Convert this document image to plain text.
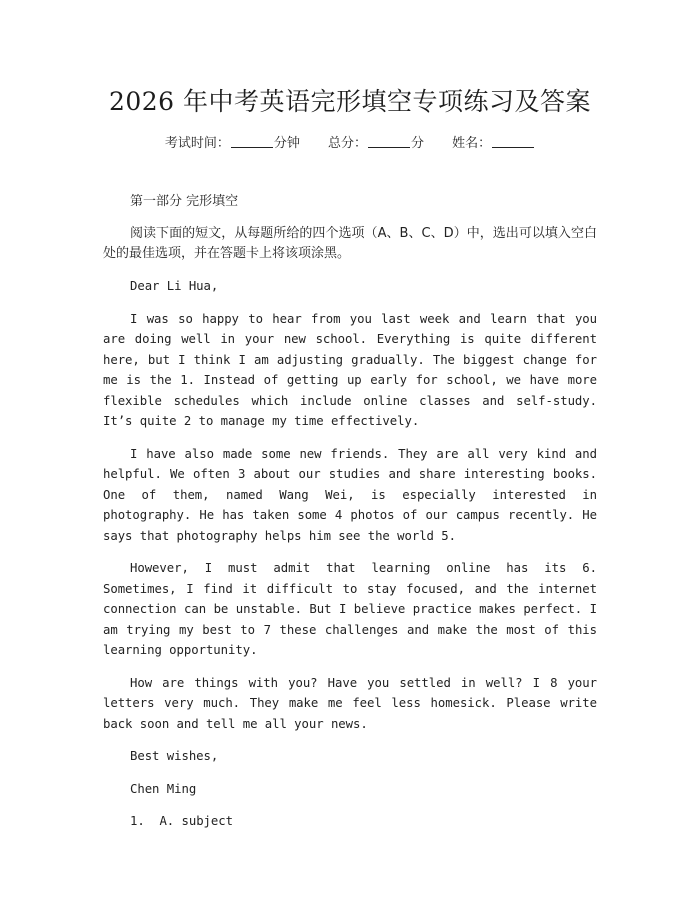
2026 年中考英语完形填空专项练习及答案
考试时间：	分钟 总分：	分 姓名：

第一部分 完形填空

阅读下面的短文，从每题所给的四个选项（A、B、C、D）中，选出可以填入空白处的最佳选项，并在答题卡上将该项涂黑。

Dear Li Hua,

I was so happy to hear from you last week and learn that you are doing well in your new school. Everything is quite different here, but I think I am adjusting gradually. The biggest change for me is the 1. Instead of getting up early for school, we have more flexible schedules which include online classes and self-study. It’s quite 2 to manage my time effectively.

I have also made some new friends. They are all very kind and helpful. We often 3 about our studies and share interesting books. One of them, named Wang Wei, is especially interested in photography. He has taken some 4 photos of our campus recently. He says that photography helps him see the world 5.

However, I must admit that learning online has its 6. Sometimes, I find it difficult to stay focused, and the internet connection can be unstable. But I believe practice makes perfect. I am trying my best to 7 these challenges and make the most of this learning opportunity.

How are things with you? Have you settled in well? I 8 your letters very much. They make me feel less homesick. Please write back soon and tell me all your news.

Best wishes,

Chen Ming

1. A. subject
